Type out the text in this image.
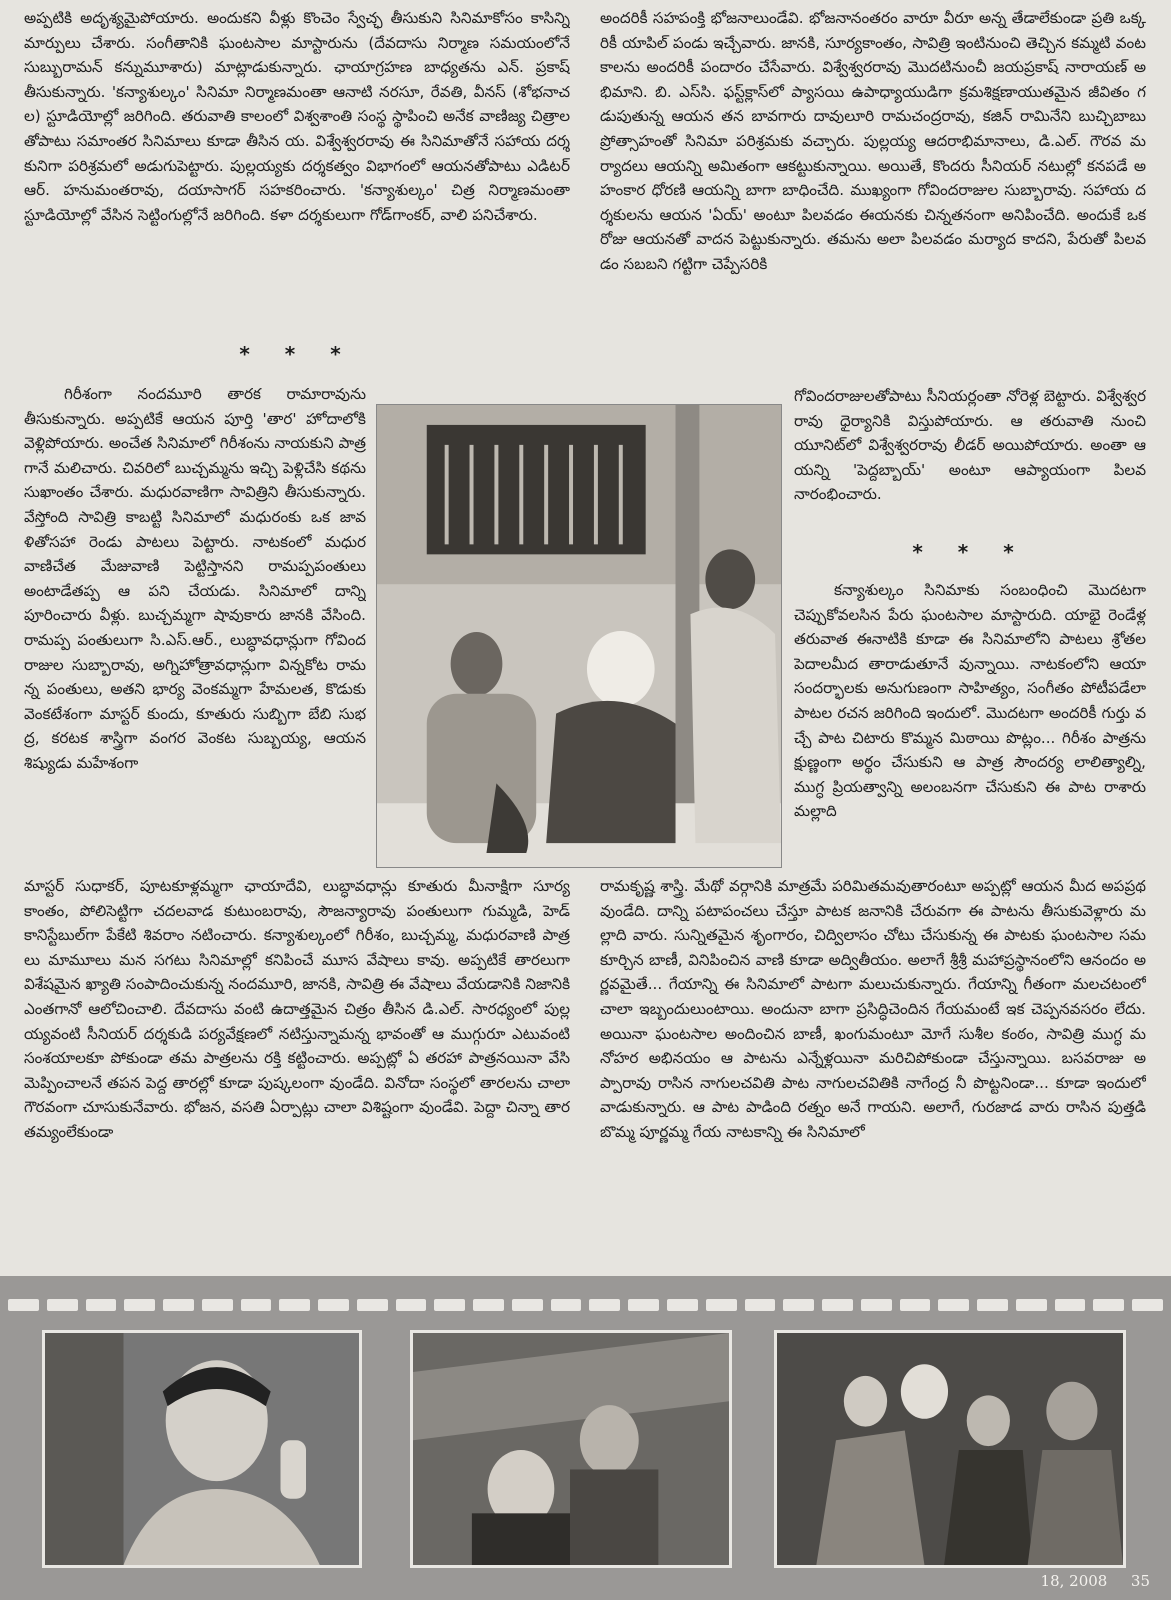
అప్పటికి అదృశ్యమైపోయారు. అందుకని వీళ్లు కొంచెం స్వేచ్ఛ తీసుకుని సినిమాకోసం కాసిన్ని మార్పులు చేశారు. సంగీతానికి ఘంటసాల మాస్టారును (దేవదాసు నిర్మాణ సమయంలోనే సుబ్బురామన్ కన్నుమూశారు) మాట్లాడుకున్నారు. ఛాయాగ్రహణ బాధ్యతను ఎన్. ప్రకాష్ తీసుకున్నారు. 'కన్యాశుల్కం' సినిమా నిర్మాణమంతా ఆనాటి నరసూ, రేవతి, వీనస్ (శోభనాచల) స్టూడియోల్లో జరిగింది. తరువాతి కాలంలో విశ్వశాంతి సంస్థ స్థాపించి అనేక వాణిజ్య చిత్రాలతోపాటు సమాంతర సినిమాలు కూడా తీసిన య. విశ్వేశ్వరరావు ఈ సినిమాతోనే సహాయ దర్శకునిగా పరిశ్రమలో అడుగుపెట్టారు. పుల్లయ్యకు దర్శకత్వం విభాగంలో ఆయనతోపాటు ఎడిటర్ ఆర్. హనుమంతరావు, దయాసాగర్ సహకరించారు. 'కన్యాశుల్కం' చిత్ర నిర్మాణమంతా స్టూడియోల్లో వేసిన సెట్టింగుల్లోనే జరిగింది. కళా దర్శకులుగా గోడ్‌గాంకర్, వాలి పనిచేశారు.

* * *

గిరీశంగా నందమూరి తారక రామారావును తీసుకున్నారు. అప్పటికే ఆయన పూర్తి 'తార' హోదాలోకి వెళ్లిపోయారు. అంచేత సినిమాలో గిరీశంను నాయకుని పాత్రగానే మలిచారు. చివరిలో బుచ్చమ్మను ఇచ్చి పెళ్లిచేసి కథను సుఖాంతం చేశారు. మధురవాణిగా సావిత్రిని తీసుకున్నారు. వేస్తోంది సావిత్రి కాబట్టి సినిమాలో మధురంకు ఒక జావళితోసహా రెండు పాటలు పెట్టారు. నాటకంలో మధురవాణిచేత మేజువాణి పెట్టిస్తానని రామప్పపంతులు అంటాడేతప్ప ఆ పని చేయడు. సినిమాలో దాన్ని పూరించారు వీళ్లు. బుచ్చమ్మగా షావుకారు జానకి వేసింది. రామప్ప పంతులుగా సి.ఎస్.ఆర్., లుబ్ధావధాన్లుగా గోవిందరాజుల సుబ్బారావు, అగ్నిహోత్రావధాన్లుగా విన్నకోట రామన్న పంతులు, అతని భార్య వెంకమ్మగా హేమలత, కొడుకు వెంకటేశంగా మాస్టర్ కుందు, కూతురు సుబ్బిగా బేబి సుభద్ర, కరటక శాస్త్రిగా వంగర వెంకట సుబ్బయ్య, ఆయన శిష్యుడు మహేశంగా

మాస్టర్ సుధాకర్, పూటకూళ్లమ్మగా ఛాయాదేవి, లుబ్ధావధాన్లు కూతురు మీనాక్షిగా సూర్యకాంతం, పోలిసెట్టిగా చదలవాడ కుటుంబరావు, సౌజన్యారావు పంతులుగా గుమ్మడి, హెడ్ కానిస్టేబుల్‌గా పేకేటి శివరాం నటించారు. కన్యాశుల్కంలో గిరీశం, బుచ్చమ్మ, మధురవాణి పాత్రలు మామూలు మన సగటు సినిమాల్లో కనిపించే మూస వేషాలు కావు. అప్పటికే తారలుగా విశేషమైన ఖ్యాతి సంపాదించుకున్న నందమూరి, జానకి, సావిత్రి ఈ వేషాలు వేయడానికి నిజానికి ఎంతగానో ఆలోచించాలి. దేవదాసు వంటి ఉదాత్తమైన చిత్రం తీసిన డి.ఎల్. సారధ్యంలో పుల్లయ్యవంటి సీనియర్ దర్శకుడి పర్యవేక్షణలో నటిస్తున్నామన్న భావంతో ఆ ముగ్గురూ ఎటువంటి సంశయాలకూ పోకుండా తమ పాత్రలను రక్తి కట్టించారు. అప్పట్లో ఏ తరహా పాత్రనయినా వేసి మెప్పించాలనే తపన పెద్ద తారల్లో కూడా పుష్కలంగా వుండేది. వినోదా సంస్థలో తారలను చాలా గౌరవంగా చూసుకునేవారు. భోజన, వసతి ఏర్పాట్లు చాలా విశిష్టంగా వుండేవి. పెద్దా చిన్నా తారతమ్యంలేకుండా

అందరికీ సహపంక్తి భోజనాలుండేవి. భోజనానంతరం వారూ వీరూ అన్న తేడాలేకుండా ప్రతి ఒక్కరికీ యాపిల్ పండు ఇచ్చేవారు. జానకి, సూర్యకాంతం, సావిత్రి ఇంటినుంచి తెచ్చిన కమ్మటి వంటకాలను అందరికీ పందారం చేసేవారు. విశ్వేశ్వరరావు మొదటినుంచీ జయప్రకాష్ నారాయణ్ అభిమాని. బి. ఎస్‌సి. ఫస్ట్‌క్లాస్‌లో ప్యాసయి ఉపాధ్యాయుడిగా క్రమశిక్షణాయుతమైన జీవితం గడుపుతున్న ఆయన తన బావగారు దావులూరి రామచంద్రరావు, కజిన్ రామినేని బుచ్చిబాబు ప్రోత్సాహంతో సినిమా పరిశ్రమకు వచ్చారు. పుల్లయ్య ఆదరాభిమానాలు, డి.ఎల్. గౌరవ మర్యాదలు ఆయన్ని అమితంగా ఆకట్టుకున్నాయి. అయితే, కొందరు సీనియర్ నటుల్లో కనపడే అహంకార ధోరణి ఆయన్ని బాగా బాధించేది. ముఖ్యంగా గోవిందరాజుల సుబ్బారావు. సహాయ దర్శకులను ఆయన 'ఏయ్' అంటూ పిలవడం ఈయనకు చిన్నతనంగా అనిపించేది. అందుకే ఒకరోజు ఆయనతో వాదన పెట్టుకున్నారు. తమను అలా పిలవడం మర్యాద కాదని, పేరుతో పిలవడం సబబని గట్టిగా చెప్పేసరికి

గోవిందరాజులతోపాటు సీనియర్లంతా నోరెళ్ల బెట్టారు. విశ్వేశ్వరరావు ధైర్యానికి విస్తుపోయారు. ఆ తరువాతి నుంచి యూనిట్‌లో విశ్వేశ్వరరావు లీడర్ అయిపోయారు. అంతా ఆయన్ని 'పెద్దబ్బాయ్' అంటూ ఆప్యాయంగా పిలవ నారంభించారు.

* * *

కన్యాశుల్కం సినిమాకు సంబంధించి మొదటగా చెప్పుకోవలసిన పేరు ఘంటసాల మాస్టారుది. యాభై రెండేళ్ల తరువాత ఈనాటికి కూడా ఈ సినిమాలోని పాటలు శ్రోతల పెదాలమీద తారాడుతూనే వున్నాయి. నాటకంలోని ఆయా సందర్భాలకు అనుగుణంగా సాహిత్యం, సంగీతం పోటీపడేలా పాటల రచన జరిగింది ఇందులో. మొదటగా అందరికీ గుర్తు వచ్చే పాట చిటారు కొమ్మన మిఠాయి పొట్లం... గిరీశం పాత్రను క్షుణ్ణంగా అర్థం చేసుకుని ఆ పాత్ర సౌందర్య లాలిత్యాల్ని, ముగ్ధ ప్రియత్వాన్ని అలంబనగా చేసుకుని ఈ పాట రాశారు మల్లాది

రామకృష్ణ శాస్త్రి. మేథో వర్గానికి మాత్రమే పరిమితమవుతారంటూ అప్పట్లో ఆయన మీద అపప్రథ వుండేది. దాన్ని పటాపంచలు చేస్తూ పాటక జనానికి చేరువగా ఈ పాటను తీసుకువెళ్లారు మల్లాది వారు. సున్నితమైన శృంగారం, చిద్విలాసం చోటు చేసుకున్న ఈ పాటకు ఘంటసాల సమకూర్చిన బాణీ, వినిపించిన వాణి కూడా అద్వితీయం. అలాగే శ్రీశ్రీ మహాప్రస్థానంలోని ఆనందం అర్ణవమైతే... గేయాన్ని ఈ సినిమాలో పాటగా మలుచుకున్నారు. గేయాన్ని గీతంగా మలచటంలో చాలా ఇబ్బందులుంటాయి. అందునా బాగా ప్రసిద్ధిచెందిన గేయమంటే ఇక చెప్పనవసరం లేదు. అయినా ఘంటసాల అందించిన బాణీ, ఖంగుమంటూ మోగే సుశీల కంఠం, సావిత్రి ముగ్ధ మనోహర అభినయం ఆ పాటను ఎన్నేళ్లయినా మరిచిపోకుండా చేస్తున్నాయి. బసవరాజు అప్పారావు రాసిన నాగులచవితి పాట నాగులచవితికి నాగేంద్ర నీ పొట్టనిండా... కూడా ఇందులో వాడుకున్నారు. ఆ పాట పాడింది రత్నం అనే గాయని. అలాగే, గురజాడ వారు రాసిన పుత్తడి బొమ్మ పూర్ణమ్మ గేయ నాటకాన్ని ఈ సినిమాలో

18, 2008 35
